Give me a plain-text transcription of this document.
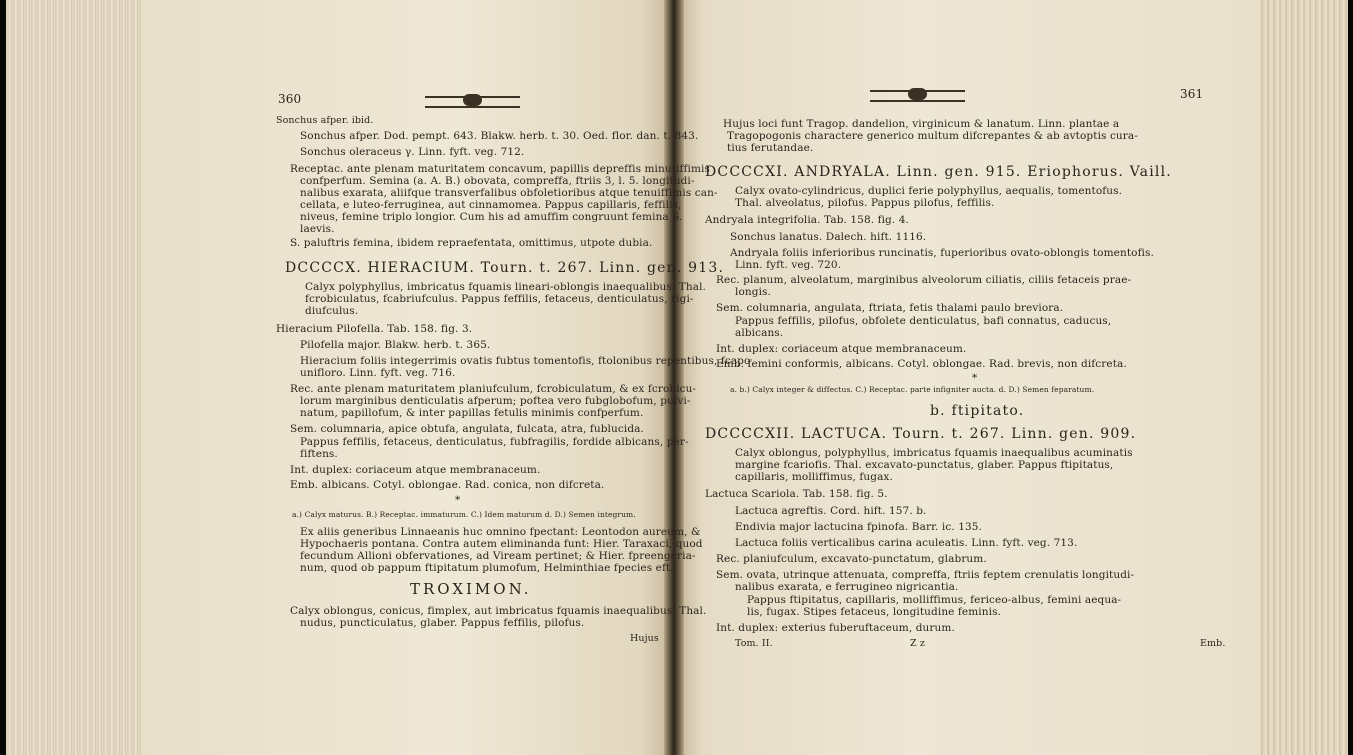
360	361
Sonchus afper. ibid.
Sonchus afper. Dod. pempt. 643. Blakw. herb. t. 30. Oed. flor. dan. t. 843.
Sonchus oleraceus γ. Linn. fyft. veg. 712.
Receptac. ante plenam maturitatem concavum, papillis depreffis minutiffimis
confperfum. Semina (a. A. B.) obovata, compreffa, ftriis 3, l. 5. longitudi-
nalibus exarata, aliifque transverfalibus obfoletioribus atque tenuiffimis can-
cellata, e luteo-ferruginea, aut cinnamomea. Pappus capillaris, feffilis,
niveus, femine triplo longior. Cum his ad amuffim congruunt femina S.
laevis.
S. paluftris femina, ibidem repraefentata, omittimus, utpote dubia.
DCCCCX. HIERACIUM. Tourn. t. 267. Linn. gen. 913.
Calyx polyphyllus, imbricatus fquamis lineari-oblongis inaequalibus. Thal.
fcrobiculatus, fcabriufculus. Pappus feffilis, fetaceus, denticulatus, rigi-
diufculus.
Hieracium Pilofella. Tab. 158. fig. 3.
Pilofella major. Blakw. herb. t. 365.
Hieracium foliis integerrimis ovatis fubtus tomentofis, ftolonibus repentibus, fcapo
unifloro. Linn. fyft. veg. 716.
Rec. ante plenam maturitatem planiufculum, fcrobiculatum, & ex fcrobicu-
lorum marginibus denticulatis afperum; poftea vero fubglobofum, pulvi-
natum, papillofum, & inter papillas fetulis minimis confperfum.
Sem. columnaria, apice obtufa, angulata, fulcata, atra, fublucida.
Pappus feffilis, fetaceus, denticulatus, fubfragilis, fordide albicans, per-
fiftens.
Int. duplex: coriaceum atque membranaceum.
Emb. albicans. Cotyl. oblongae. Rad. conica, non difcreta.
*
a.) Calyx maturus. B.) Receptac. immaturum. C.) Idem maturum d. D.) Semen integrum.
Ex aliis generibus Linnaeanis huc omnino fpectant: Leontodon aureum, &
Hypochaeris pontana. Contra autem eliminanda funt: Hier. Taraxaci, quod
fecundum Allioni obfervationes, ad Viream pertinet; & Hier. fpreengeria-
num, quod ob pappum ftipitatum plumofum, Helminthiae fpecies eft.
TROXIMON.
Calyx oblongus, conicus, fimplex, aut imbricatus fquamis inaequalibus. Thal.
nudus, puncticulatus, glaber. Pappus feffilis, pilofus.
Hujus
Hujus loci funt Tragop. dandelion, virginicum & lanatum. Linn. plantae a
Tragopogonis charactere generico multum difcrepantes & ab avtoptis cura-
tius ferutandae.
DCCCCXI. ANDRYALA. Linn. gen. 915. Eriophorus. Vaill.
Calyx ovato-cylindricus, duplici ferie polyphyllus, aequalis, tomentofus.
Thal. alveolatus, pilofus. Pappus pilofus, feffilis.
Andryala integrifolia. Tab. 158. fig. 4.
Sonchus lanatus. Dalech. hift. 1116.
Andryala foliis inferioribus runcinatis, fuperioribus ovato-oblongis tomentofis.
Linn. fyft. veg. 720.
Rec. planum, alveolatum, marginibus alveolorum ciliatis, ciliis fetaceis prae-
longis.
Sem. columnaria, angulata, ftriata, fetis thalami paulo breviora.
Pappus feffilis, pilofus, obfolete denticulatus, bafi connatus, caducus,
albicans.
Int. duplex: coriaceum atque membranaceum.
Emb. femini conformis, albicans. Cotyl. oblongae. Rad. brevis, non difcreta.
*
a. b.) Calyx integer & diffectus. C.) Receptac. parte infigniter aucta. d. D.) Semen feparatum.
b. ftipitato.
DCCCCXII. LACTUCA. Tourn. t. 267. Linn. gen. 909.
Calyx oblongus, polyphyllus, imbricatus fquamis inaequalibus acuminatis
margine fcariofis. Thal. excavato-punctatus, glaber. Pappus ftipitatus,
capillaris, molliffimus, fugax.
Lactuca Scariola. Tab. 158. fig. 5.
Lactuca agreftis. Cord. hift. 157. b.
Endivia major lactucina fpinofa. Barr. ic. 135.
Lactuca foliis verticalibus carina aculeatis. Linn. fyft. veg. 713.
Rec. planiufculum, excavato-punctatum, glabrum.
Sem. ovata, utrinque attenuata, compreffa, ftriis feptem crenulatis longitudi-
nalibus exarata, e ferrugineo nigricantia.
Pappus ftipitatus, capillaris, molliffimus, fericeo-albus, femini aequa-
lis, fugax. Stipes fetaceus, longitudine feminis.
Int. duplex: exterius fuberuftaceum, durum.
Tom. II.	Z z	Emb.
